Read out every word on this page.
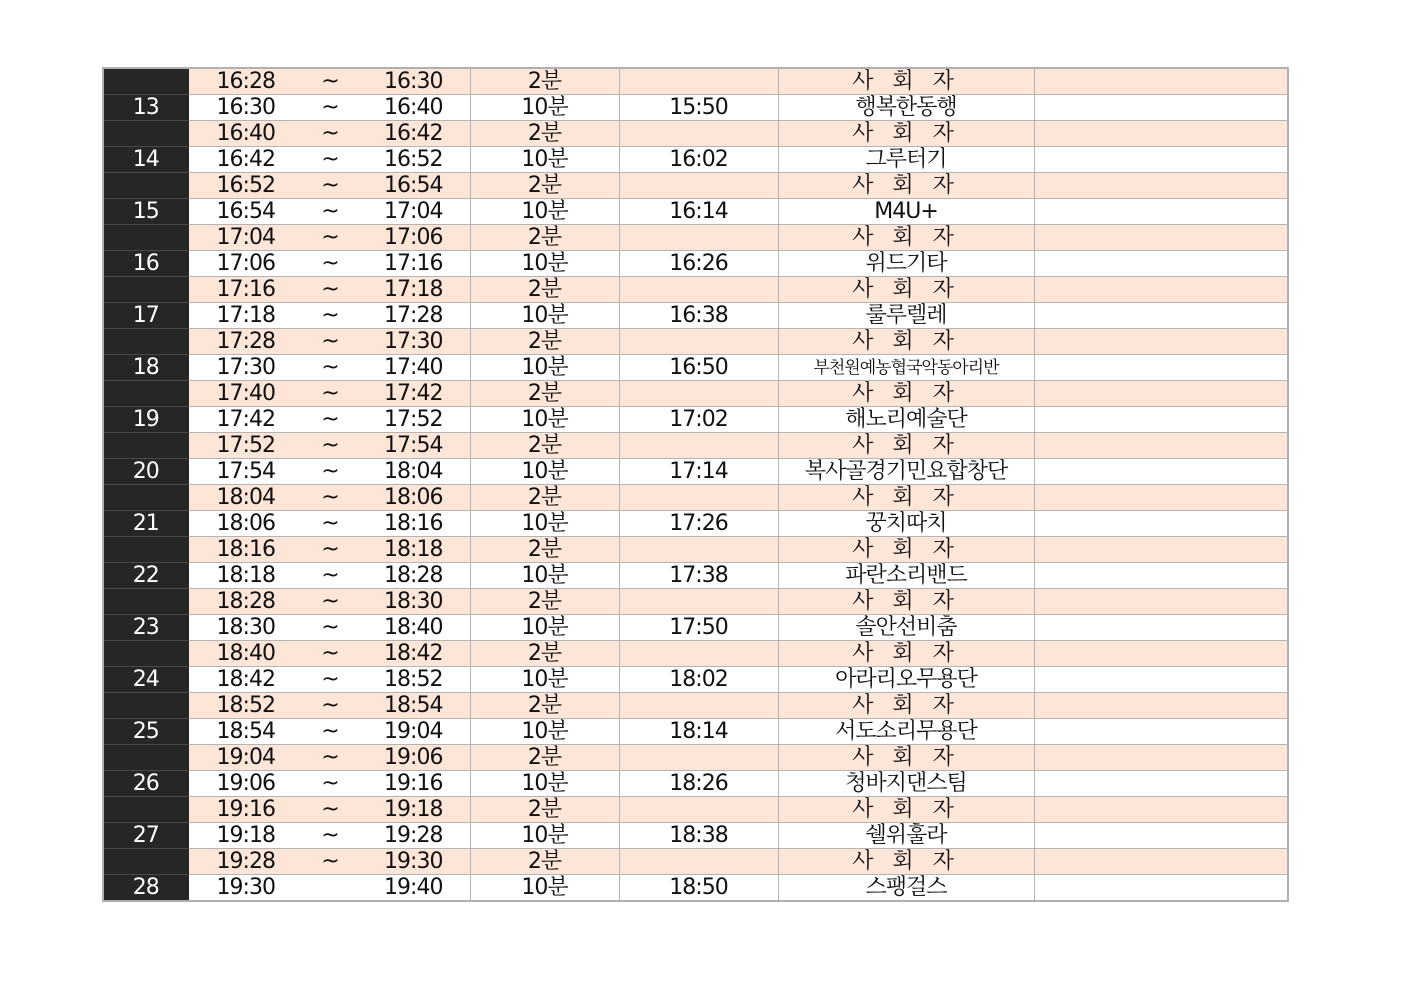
	16:28	~	16:30	2분		사 회 자	
13	16:30	~	16:40	10분	15:50	행복한동행	
	16:40	~	16:42	2분		사 회 자	
14	16:42	~	16:52	10분	16:02	그루터기	
	16:52	~	16:54	2분		사 회 자	
15	16:54	~	17:04	10분	16:14	M4U+	
	17:04	~	17:06	2분		사 회 자	
16	17:06	~	17:16	10분	16:26	위드기타	
	17:16	~	17:18	2분		사 회 자	
17	17:18	~	17:28	10분	16:38	룰루렐레	
	17:28	~	17:30	2분		사 회 자	
18	17:30	~	17:40	10분	16:50	부천원예농협국악동아리반	
	17:40	~	17:42	2분		사 회 자	
19	17:42	~	17:52	10분	17:02	해노리예술단	
	17:52	~	17:54	2분		사 회 자	
20	17:54	~	18:04	10분	17:14	복사골경기민요합창단	
	18:04	~	18:06	2분		사 회 자	
21	18:06	~	18:16	10분	17:26	꿍치따치	
	18:16	~	18:18	2분		사 회 자	
22	18:18	~	18:28	10분	17:38	파란소리밴드	
	18:28	~	18:30	2분		사 회 자	
23	18:30	~	18:40	10분	17:50	솔안선비춤	
	18:40	~	18:42	2분		사 회 자	
24	18:42	~	18:52	10분	18:02	아라리오무용단	
	18:52	~	18:54	2분		사 회 자	
25	18:54	~	19:04	10분	18:14	서도소리무용단	
	19:04	~	19:06	2분		사 회 자	
26	19:06	~	19:16	10분	18:26	청바지댄스팀	
	19:16	~	19:18	2분		사 회 자	
27	19:18	~	19:28	10분	18:38	쉘위훌라	
	19:28	~	19:30	2분		사 회 자	
28	19:30		19:40	10분	18:50	스팽걸스	
